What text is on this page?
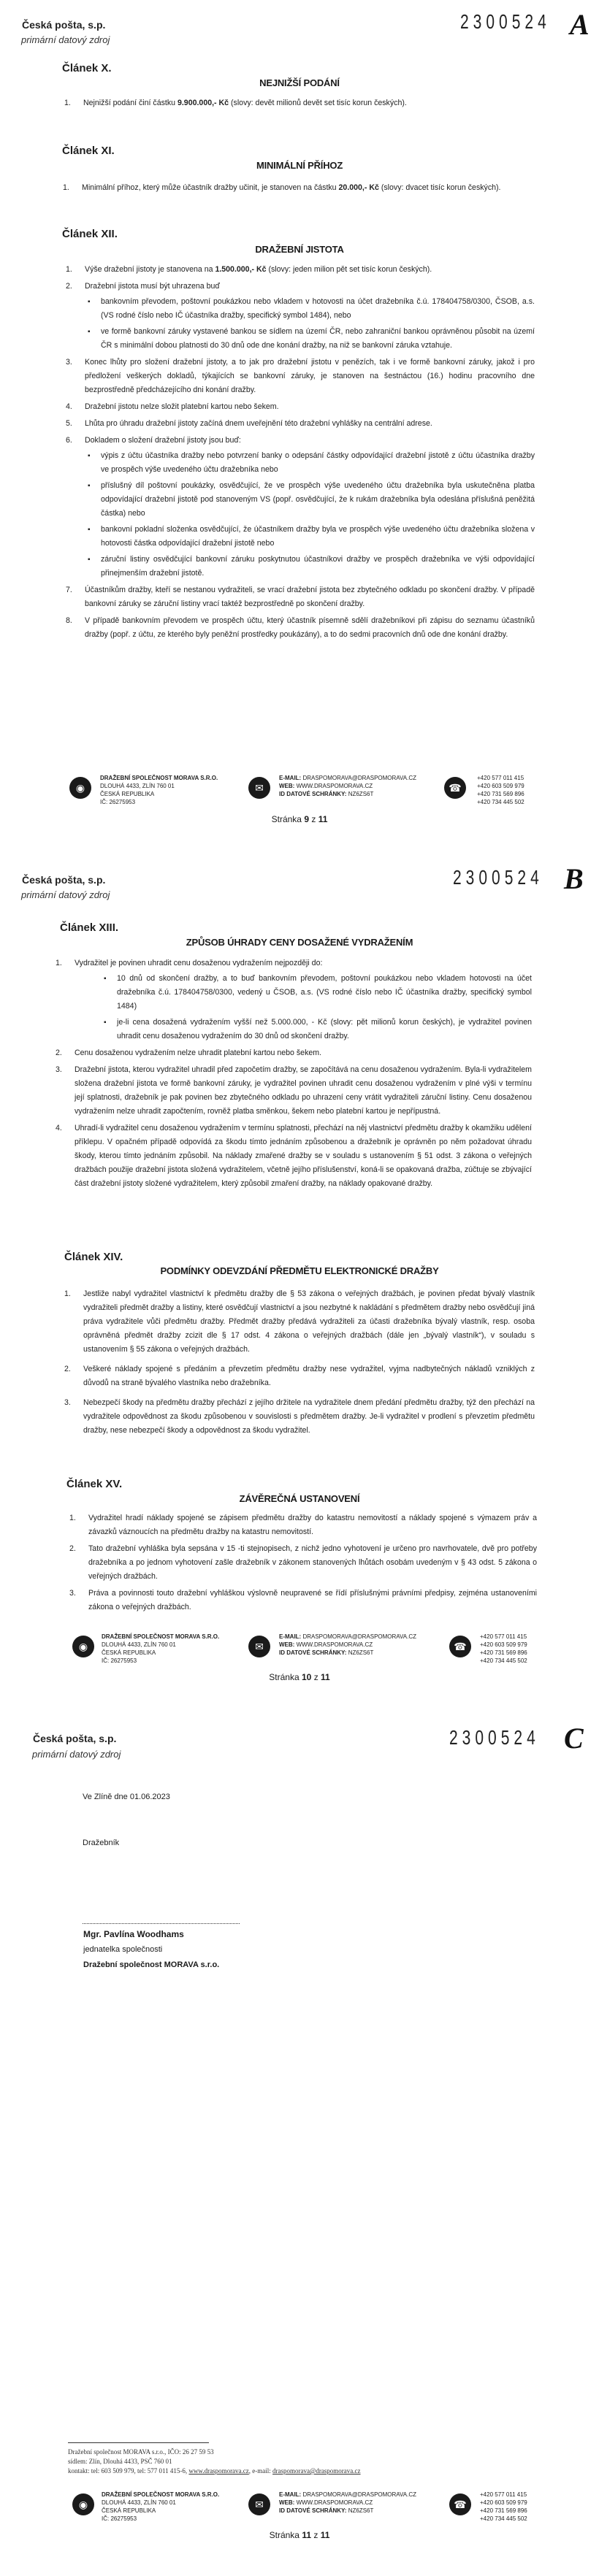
Česká pošta, s.p.
primární datový zdroj
2300524 A
Článek X.
NEJNIŽŠÍ PODÁNÍ
1. Nejnižší podání činí částku 9.900.000,- Kč (slovy: devět milionů devět set tisíc korun českých).
Článek XI.
MINIMÁLNÍ PŘÍHOZ
1. Minimální příhoz, který může účastník dražby učinit, je stanoven na částku 20.000,- Kč (slovy: dvacet tisíc korun českých).
Článek XII.
DRAŽEBNÍ JISTOTA
1. Výše dražební jistoty je stanovena na 1.500.000,- Kč (slovy: jeden milion pět set tisíc korun českých).
2. Dražební jistota musí být uhrazena buď
▪ bankovním převodem, poštovní poukázkou nebo vkladem v hotovosti na účet dražebníka č.ú. 178404758/0300, ČSOB, a.s. (VS rodné číslo nebo IČ účastníka dražby, specifický symbol 1484), nebo
▪ ve formě bankovní záruky vystavené bankou se sídlem na území ČR, nebo zahraniční bankou oprávněnou působit na území ČR s minimální dobou platnosti do 30 dnů ode dne konání dražby, na niž se bankovní záruka vztahuje.
3. Konec lhůty pro složení dražební jistoty, a to jak pro dražební jistotu v penězích, tak i ve formě bankovní záruky, jakož i pro předložení veškerých dokladů, týkajících se bankovní záruky, je stanoven na šestnáctou (16.) hodinu pracovního dne bezprostředně předcházejícího dni konání dražby.
4. Dražební jistotu nelze složit platební kartou nebo šekem.
5. Lhůta pro úhradu dražební jistoty začíná dnem uveřejnění této dražební vyhlášky na centrální adrese.
6. Dokladem o složení dražební jistoty jsou buď:
▪ výpis z účtu účastníka dražby nebo potvrzení banky o odepsání částky odpovídající dražební jistotě z účtu účastníka dražby ve prospěch výše uvedeného účtu dražebníka nebo
▪ příslušný díl poštovní poukázky, osvědčující, že ve prospěch výše uvedeného účtu dražebníka byla uskutečněna platba odpovídající dražební jistotě pod stanoveným VS (popř. osvědčující, že k rukám dražebníka byla odeslána příslušná peněžitá částka) nebo
▪ bankovní pokladní složenka osvědčující, že účastníkem dražby byla ve prospěch výše uvedeného účtu dražebníka složena v hotovosti částka odpovídající dražební jistotě nebo
▪ záruční listiny osvědčující bankovní záruku poskytnutou účastníkovi dražby ve prospěch dražebníka ve výši odpovídající přinejmenším dražební jistotě.
7. Účastníkům dražby, kteří se nestanou vydražiteli, se vrací dražební jistota bez zbytečného odkladu po skončení dražby. V případě bankovní záruky se záruční listiny vrací taktéž bezprostředně po skončení dražby.
8. V případě bankovním převodem ve prospěch účtu, který účastník písemně sdělí dražebníkovi při zápisu do seznamu účastníků dražby (popř. z účtu, ze kterého byly peněžní prostředky poukázány), a to do sedmi pracovních dnů ode dne konání dražby.
◉
DRAŽEBNÍ SPOLEČNOST MORAVA S.R.O.
DLOUHÁ 4433, ZLÍN 760 01
ČESKÁ REPUBLIKA
IČ: 26275953
✉
E-MAIL: DRASPOMORAVA@DRASPOMORAVA.CZ
WEB: WWW.DRASPOMORAVA.CZ
ID DATOVÉ SCHRÁNKY: NZ6ZS6T
☎
+420 577 011 415
+420 603 509 979
+420 731 569 896
+420 734 445 502
Stránka 9 z 11
Česká pošta, s.p.
primární datový zdroj
2300524 B
Článek XIII.
ZPŮSOB ÚHRADY CENY DOSAŽENÉ VYDRAŽENÍM
1. Vydražitel je povinen uhradit cenu dosaženou vydražením nejpozději do:
▪ 10 dnů od skončení dražby, a to buď bankovním převodem, poštovní poukázkou nebo vkladem hotovosti na účet dražebníka č.ú. 178404758/0300, vedený u ČSOB, a.s. (VS rodné číslo nebo IČ účastníka dražby, specifický symbol 1484)
▪ je-li cena dosažená vydražením vyšší než 5.000.000, - Kč (slovy: pět milionů korun českých), je vydražitel povinen uhradit cenu dosaženou vydražením do 30 dnů od skončení dražby.
2. Cenu dosaženou vydražením nelze uhradit platební kartou nebo šekem.
3. Dražební jistota, kterou vydražitel uhradil před započetím dražby, se započítává na cenu dosaženou vydražením. Byla-li vydražitelem složena dražební jistota ve formě bankovní záruky, je vydražitel povinen uhradit cenu dosaženou vydražením v plné výši v termínu její splatnosti, dražebník je pak povinen bez zbytečného odkladu po uhrazení ceny vrátit vydražiteli záruční listiny. Cenu dosaženou vydražením nelze uhradit započtením, rovněž platba směnkou, šekem nebo platební kartou je nepřípustná.
4. Uhradí-li vydražitel cenu dosaženou vydražením v termínu splatnosti, přechází na něj vlastnictví předmětu dražby k okamžiku udělení příklepu. V opačném případě odpovídá za škodu tímto jednáním způsobenou a dražebník je oprávněn po něm požadovat úhradu škody, kterou tímto jednáním způsobil. Na náklady zmařené dražby se v souladu s ustanovením § 51 odst. 3 zákona o veřejných dražbách použije dražební jistota složená vydražitelem, včetně jejího příslušenství, koná-li se opakovaná dražba, zúčtuje se zbývající část dražební jistoty složené vydražitelem, který způsobil zmaření dražby, na náklady opakované dražby.
Článek XIV.
PODMÍNKY ODEVZDÁNÍ PŘEDMĚTU ELEKTRONICKÉ DRAŽBY
1. Jestliže nabyl vydražitel vlastnictví k předmětu dražby dle § 53 zákona o veřejných dražbách, je povinen předat bývalý vlastník vydražiteli předmět dražby a listiny, které osvědčují vlastnictví a jsou nezbytné k nakládání s předmětem dražby nebo osvědčují jiná práva vydražitele vůči předmětu dražby. Předmět dražby předává vydražiteli za účasti dražebníka bývalý vlastník, resp. osoba oprávněná předmět dražby zcizit dle § 17 odst. 4 zákona o veřejných dražbách (dále jen „bývalý vlastník“), v souladu s ustanovením § 55 zákona o veřejných dražbách.
2. Veškeré náklady spojené s předáním a převzetím předmětu dražby nese vydražitel, vyjma nadbytečných nákladů vzniklých z důvodů na straně bývalého vlastníka nebo dražebníka.
3. Nebezpečí škody na předmětu dražby přechází z jejího držitele na vydražitele dnem předání předmětu dražby, týž den přechází na vydražitele odpovědnost za škodu způsobenou v souvislosti s předmětem dražby. Je-li vydražitel v prodlení s převzetím předmětu dražby, nese nebezpečí škody a odpovědnost za škodu vydražitel.
Článek XV.
ZÁVĚREČNÁ USTANOVENÍ
1. Vydražitel hradí náklady spojené se zápisem předmětu dražby do katastru nemovitostí a náklady spojené s výmazem práv a závazků váznoucích na předmětu dražby na katastru nemovitostí.
2. Tato dražební vyhláška byla sepsána v 15 -ti stejnopisech, z nichž jedno vyhotovení je určeno pro navrhovatele, dvě pro potřeby dražebníka a po jednom vyhotovení zašle dražebník v zákonem stanovených lhůtách osobám uvedeným v § 43 odst. 5 zákona o veřejných dražbách.
3. Práva a povinnosti touto dražební vyhláškou výslovně neupravené se řídí příslušnými právními předpisy, zejména ustanoveními zákona o veřejných dražbách.
◉
DRAŽEBNÍ SPOLEČNOST MORAVA S.R.O.
DLOUHÁ 4433, ZLÍN 760 01
ČESKÁ REPUBLIKA
IČ: 26275953
✉
E-MAIL: DRASPOMORAVA@DRASPOMORAVA.CZ
WEB: WWW.DRASPOMORAVA.CZ
ID DATOVÉ SCHRÁNKY: NZ6ZS6T
☎
+420 577 011 415
+420 603 509 979
+420 731 569 896
+420 734 445 502
Stránka 10 z 11
Česká pošta, s.p.
primární datový zdroj
2300524 C
Ve Zlíně dne 01.06.2023
Dražebník
Mgr. Pavlína Woodhams
jednatelka společnosti
Dražební společnost MORAVA s.r.o.
Dražební společnost MORAVA s.r.o., IČO: 26 27 59 53
sídlem: Zlín, Dlouhá 4433, PSČ 760 01
kontakt: tel: 603 509 979, tel: 577 011 415-6, www.draspomorava.cz, e-mail: draspomorava@draspomorava.cz
◉
DRAŽEBNÍ SPOLEČNOST MORAVA S.R.O.
DLOUHÁ 4433, ZLÍN 760 01
ČESKÁ REPUBLIKA
IČ: 26275953
✉
E-MAIL: DRASPOMORAVA@DRASPOMORAVA.CZ
WEB: WWW.DRASPOMORAVA.CZ
ID DATOVÉ SCHRÁNKY: NZ6ZS6T
☎
+420 577 011 415
+420 603 509 979
+420 731 569 896
+420 734 445 502
Stránka 11 z 11
